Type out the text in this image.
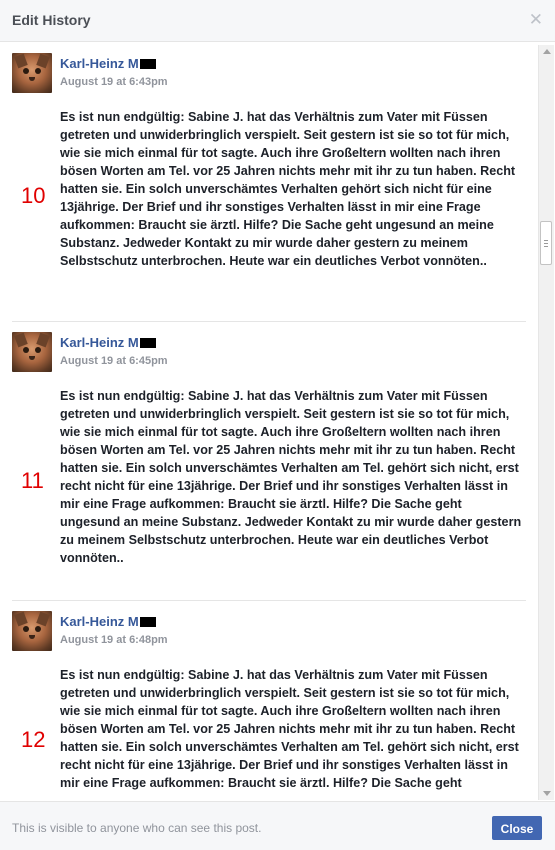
Edit History	✕
Karl-Heinz M
August 19 at 6:43pm
10
Es ist nun endgültig: Sabine J. hat das Verhältnis zum Vater mit Füssen getreten und unwiderbringlich verspielt. Seit gestern ist sie so tot für mich, wie sie mich einmal für tot sagte. Auch ihre Großeltern wollten nach ihren bösen Worten am Tel. vor 25 Jahren nichts mehr mit ihr zu tun haben. Recht hatten sie. Ein solch unverschämtes Verhalten gehört sich nicht für eine 13jährige. Der Brief und ihr sonstiges Verhalten lässt in mir eine Frage aufkommen: Braucht sie ärztl. Hilfe? Die Sache geht ungesund an meine Substanz. Jedweder Kontakt zu mir wurde daher gestern zu meinem Selbstschutz unterbrochen. Heute war ein deutliches Verbot vonnöten..
Karl-Heinz M
August 19 at 6:45pm
11
Es ist nun endgültig: Sabine J. hat das Verhältnis zum Vater mit Füssen getreten und unwiderbringlich verspielt. Seit gestern ist sie so tot für mich, wie sie mich einmal für tot sagte. Auch ihre Großeltern wollten nach ihren bösen Worten am Tel. vor 25 Jahren nichts mehr mit ihr zu tun haben. Recht hatten sie. Ein solch unverschämtes Verhalten am Tel. gehört sich nicht, erst recht nicht für eine 13jährige. Der Brief und ihr sonstiges Verhalten lässt in mir eine Frage aufkommen: Braucht sie ärztl. Hilfe? Die Sache geht ungesund an meine Substanz. Jedweder Kontakt zu mir wurde daher gestern zu meinem Selbstschutz unterbrochen. Heute war ein deutliches Verbot vonnöten..
Karl-Heinz M
August 19 at 6:48pm
12
Es ist nun endgültig: Sabine J. hat das Verhältnis zum Vater mit Füssen getreten und unwiderbringlich verspielt. Seit gestern ist sie so tot für mich, wie sie mich einmal für tot sagte. Auch ihre Großeltern wollten nach ihren bösen Worten am Tel. vor 25 Jahren nichts mehr mit ihr zu tun haben. Recht hatten sie. Ein solch unverschämtes Verhalten am Tel. gehört sich nicht, erst recht nicht für eine 13jährige. Der Brief und ihr sonstiges Verhalten lässt in mir eine Frage aufkommen: Braucht sie ärztl. Hilfe? Die Sache geht
This is visible to anyone who can see this post.	Close
